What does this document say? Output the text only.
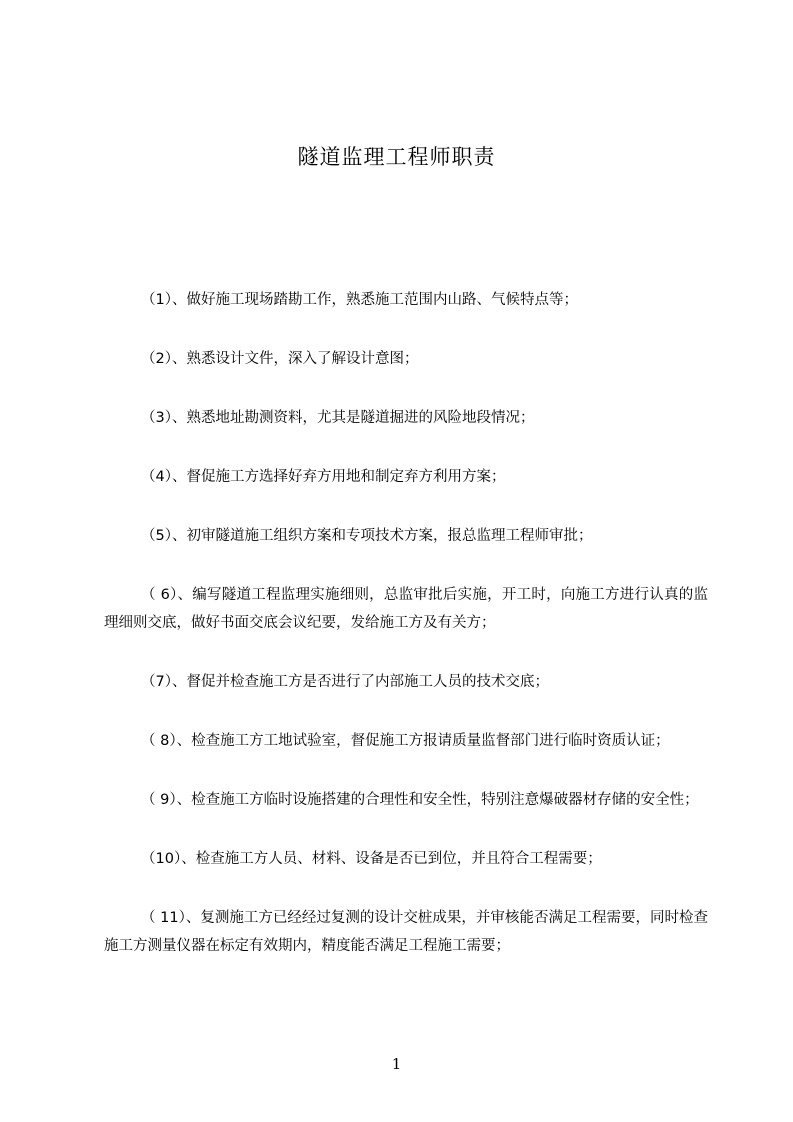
隧道监理工程师职责
（1）、做好施工现场踏勘工作，熟悉施工范围内山路、气候特点等；
（2）、熟悉设计文件，深入了解设计意图；
（3）、熟悉地址勘测资料，尤其是隧道掘进的风险地段情况；
（4）、督促施工方选择好弃方用地和制定弃方利用方案；
（5）、初审隧道施工组织方案和专项技术方案，报总监理工程师审批；
（ 6）、编写隧道工程监理实施细则，总监审批后实施，开工时，向施工方进行认真的监理细则交底，做好书面交底会议纪要，发给施工方及有关方；
（7）、督促并检查施工方是否进行了内部施工人员的技术交底；
（ 8）、检查施工方工地试验室，督促施工方报请质量监督部门进行临时资质认证；
（ 9）、检查施工方临时设施搭建的合理性和安全性，特别注意爆破器材存储的安全性；
（10）、检查施工方人员、材料、设备是否已到位，并且符合工程需要；
（ 11）、复测施工方已经经过复测的设计交桩成果，并审核能否满足工程需要，同时检查施工方测量仪器在标定有效期内，精度能否满足工程施工需要；
1
